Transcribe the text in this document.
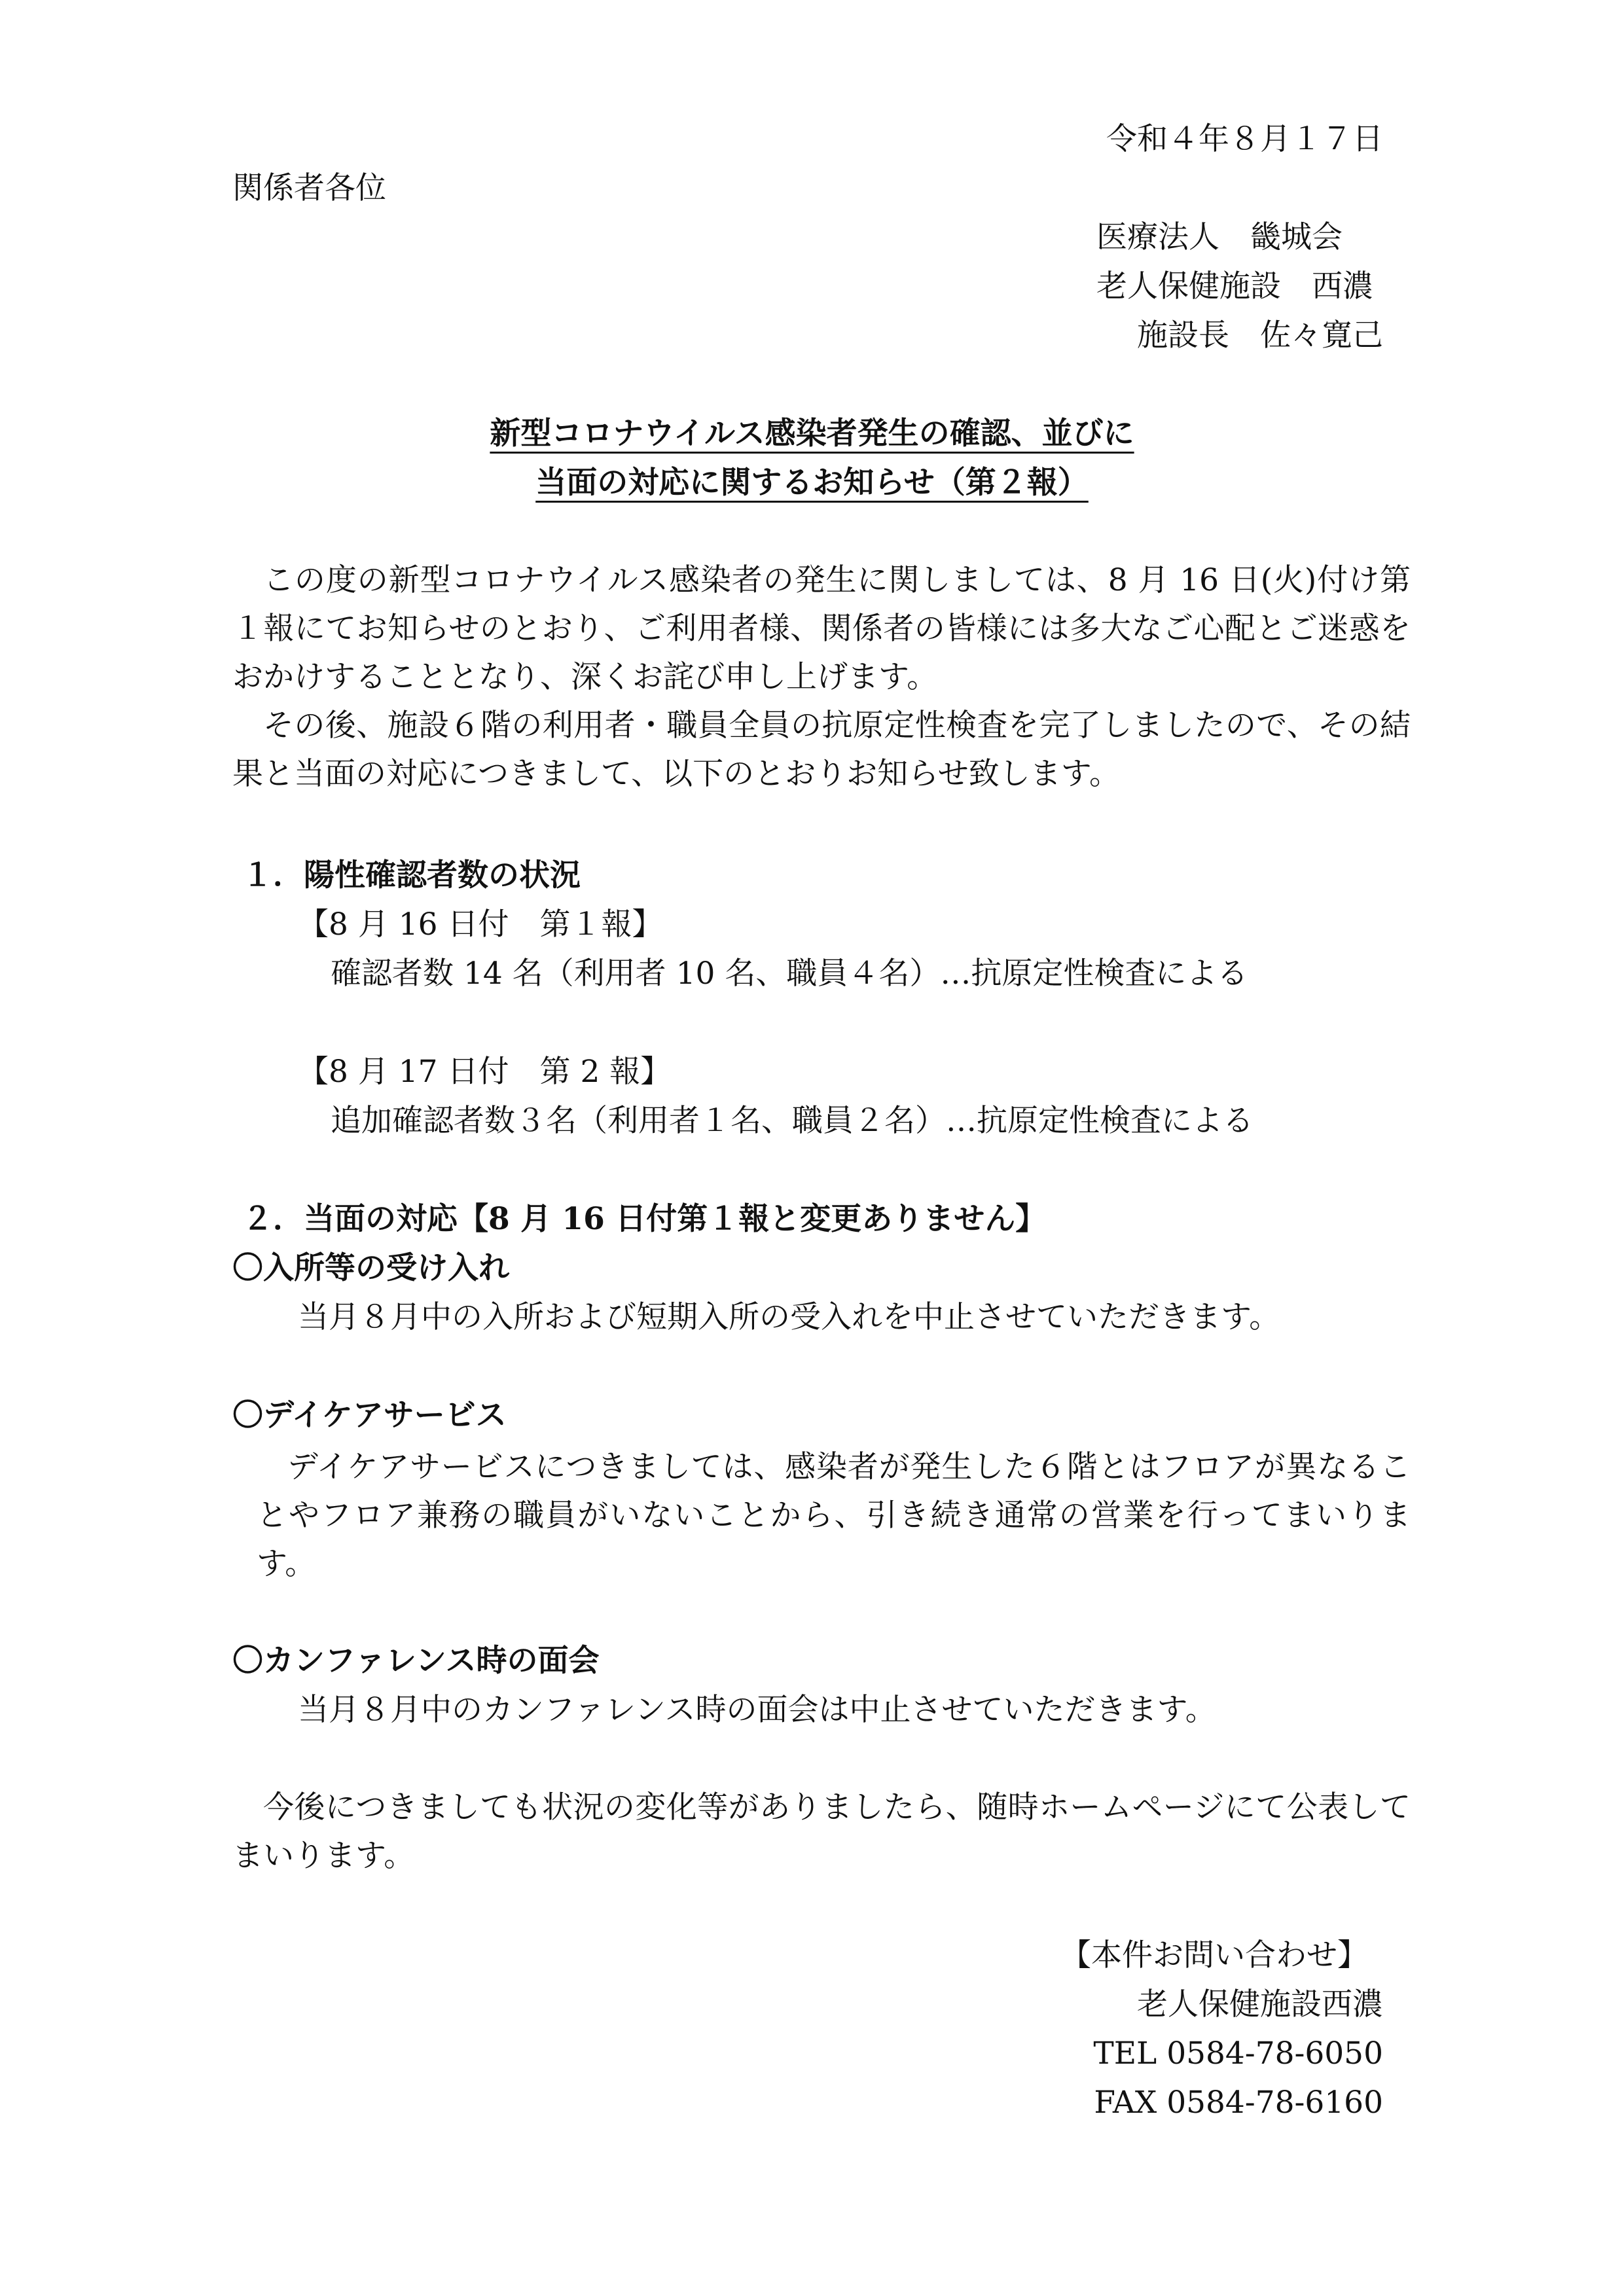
令和４年８月１７日
関係者各位
医療法人　畿城会
老人保健施設　西濃
施設長　佐々寛己
新型コロナウイルス感染者発生の確認、並びに
当面の対応に関するお知らせ（第２報）
この度の新型コロナウイルス感染者の発生に関しましては、8 月 16 日(火)付け第１報にてお知らせのとおり、ご利用者様、関係者の皆様には多大なご心配とご迷惑をおかけすることとなり、深くお詫び申し上げます。
その後、施設６階の利用者・職員全員の抗原定性検査を完了しましたので、その結果と当面の対応につきまして、以下のとおりお知らせ致します。
１．陽性確認者数の状況
【8 月 16 日付　第１報】
確認者数 14 名（利用者 10 名、職員４名）…抗原定性検査による
【8 月 17 日付　第 2 報】
追加確認者数３名（利用者１名、職員２名）…抗原定性検査による
２．当面の対応【8 月 16 日付第１報と変更ありません】
〇入所等の受け入れ
当月８月中の入所および短期入所の受入れを中止させていただきます。
〇デイケアサービス
デイケアサービスにつきましては、感染者が発生した６階とはフロアが異なることやフロア兼務の職員がいないことから、引き続き通常の営業を行ってまいります。
〇カンファレンス時の面会
当月８月中のカンファレンス時の面会は中止させていただきます。
今後につきましても状況の変化等がありましたら、随時ホームページにて公表してまいります。
【本件お問い合わせ】
老人保健施設西濃
TEL 0584-78-6050
FAX 0584-78-6160
